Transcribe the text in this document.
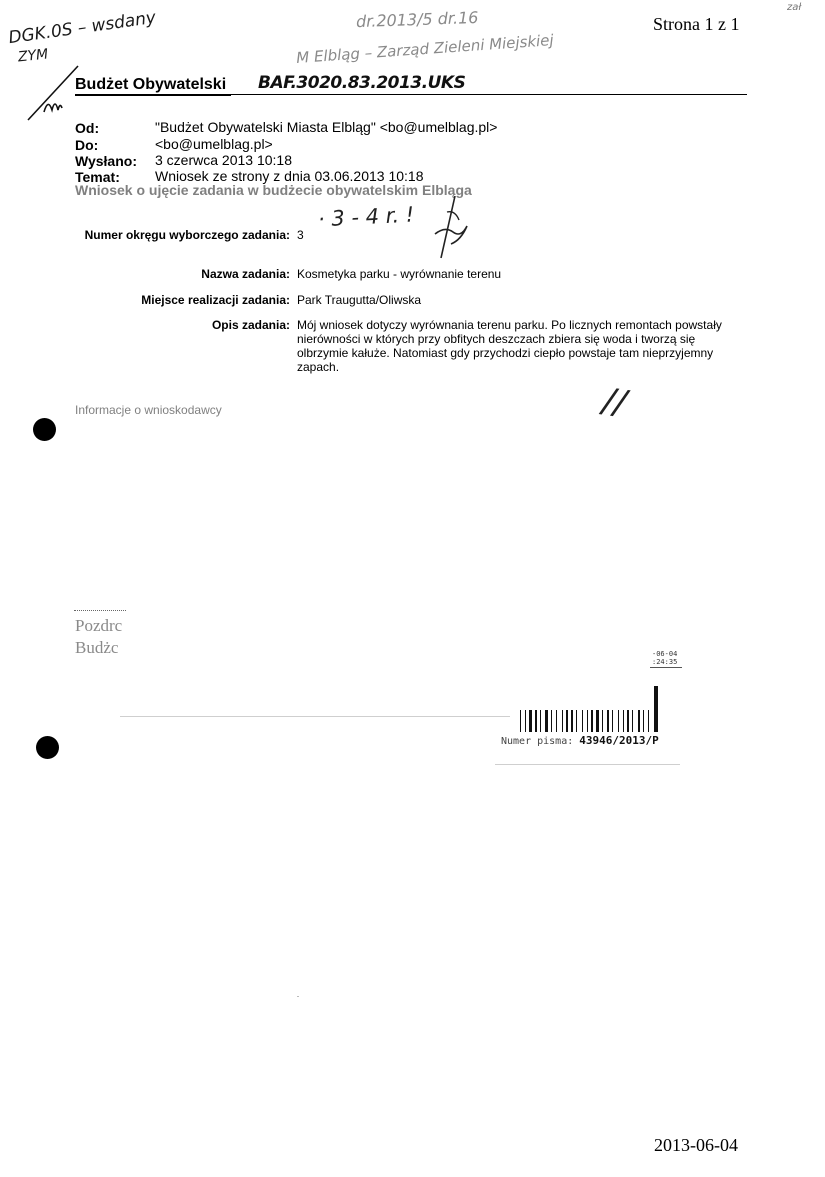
Strona 1 z 1
zał
DGK.0S – wsdany
ZYM
dr.2013/5 dr.16
M Elbląg – Zarząd Zieleni Miejskiej
BAF.3020.83.2013.UKS
Budżet Obywatelski
Od:	"Budżet Obywatelski Miasta Elbląg" <bo@umelblag.pl>
Do:	<bo@umelblag.pl>
Wysłano: 3 czerwca 2013 10:18
Temat:	Wniosek ze strony z dnia 03.06.2013 10:18
Wniosek o ujęcie zadania w budżecie obywatelskim Elbląga
Numer okręgu wyborczego zadania: 3
· 3 - 4 r. !
Nazwa zadania: Kosmetyka parku - wyrównanie terenu
Miejsce realizacji zadania: Park Traugutta/Oliwska
Opis zadania: Mój wniosek dotyczy wyrównania terenu parku. Po licznych remontach powstały nierówności w których przy obfitych deszczach zbiera się woda i tworzą się olbrzymie kałuże. Natomiast gdy przychodzi ciepło powstaje tam nieprzyjemny zapach.
Informacje o wnioskodawcy	//
Pozdrc
Budżc	-06-04
:24:35
Numer pisma: 43946/2013/P
2013-06-04
